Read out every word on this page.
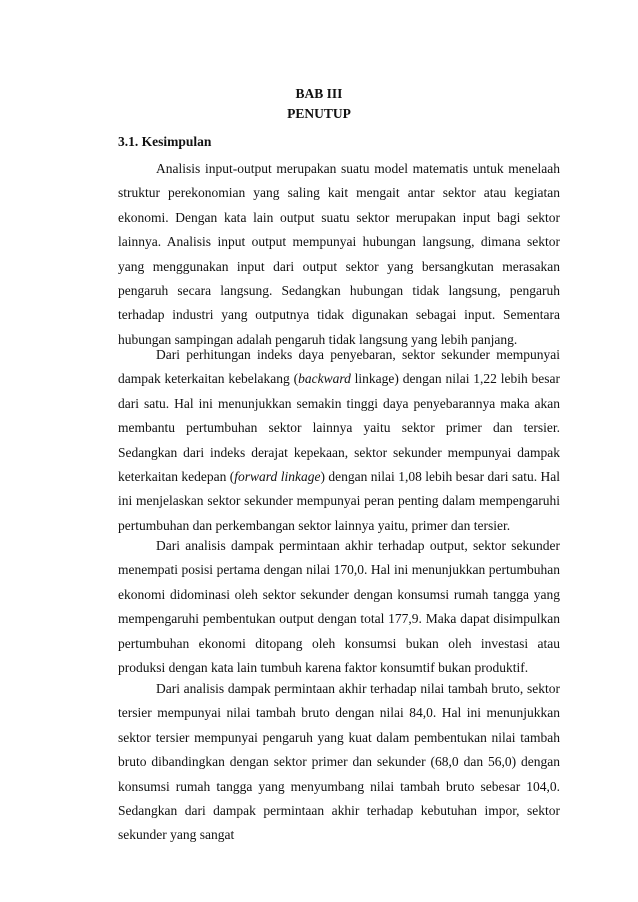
BAB III

PENUTUP

3.1. Kesimpulan

Analisis input-output merupakan suatu model matematis untuk menelaah struktur perekonomian yang saling kait mengait antar sektor atau kegiatan ekonomi. Dengan kata lain output suatu sektor merupakan input bagi sektor lainnya. Analisis input output mempunyai hubungan langsung, dimana sektor yang menggunakan input dari output sektor yang bersangkutan merasakan pengaruh secara langsung. Sedangkan hubungan tidak langsung, pengaruh terhadap industri yang outputnya tidak digunakan sebagai input. Sementara hubungan sampingan adalah pengaruh tidak langsung yang lebih panjang.

Dari perhitungan indeks daya penyebaran, sektor sekunder mempunyai dampak keterkaitan kebelakang (backward linkage) dengan nilai 1,22 lebih besar dari satu. Hal ini menunjukkan semakin tinggi daya penyebarannya maka akan membantu pertumbuhan sektor lainnya yaitu sektor primer dan tersier. Sedangkan dari indeks derajat kepekaan, sektor sekunder mempunyai dampak keterkaitan kedepan (forward linkage) dengan nilai 1,08 lebih besar dari satu. Hal ini menjelaskan sektor sekunder mempunyai peran penting dalam mempengaruhi pertumbuhan dan perkembangan sektor lainnya yaitu, primer dan tersier.

Dari analisis dampak permintaan akhir terhadap output, sektor sekunder menempati posisi pertama dengan nilai 170,0. Hal ini menunjukkan pertumbuhan ekonomi didominasi oleh sektor sekunder dengan konsumsi rumah tangga yang mempengaruhi pembentukan output dengan total 177,9. Maka dapat disimpulkan pertumbuhan ekonomi ditopang oleh konsumsi bukan oleh investasi atau produksi dengan kata lain tumbuh karena faktor konsumtif bukan produktif.

Dari analisis dampak permintaan akhir terhadap nilai tambah bruto, sektor tersier mempunyai nilai tambah bruto dengan nilai 84,0. Hal ini menunjukkan sektor tersier mempunyai pengaruh yang kuat dalam pembentukan nilai tambah bruto dibandingkan dengan sektor primer dan sekunder (68,0 dan 56,0) dengan konsumsi rumah tangga yang menyumbang nilai tambah bruto sebesar 104,0. Sedangkan dari dampak permintaan akhir terhadap kebutuhan impor, sektor sekunder yang sangat
